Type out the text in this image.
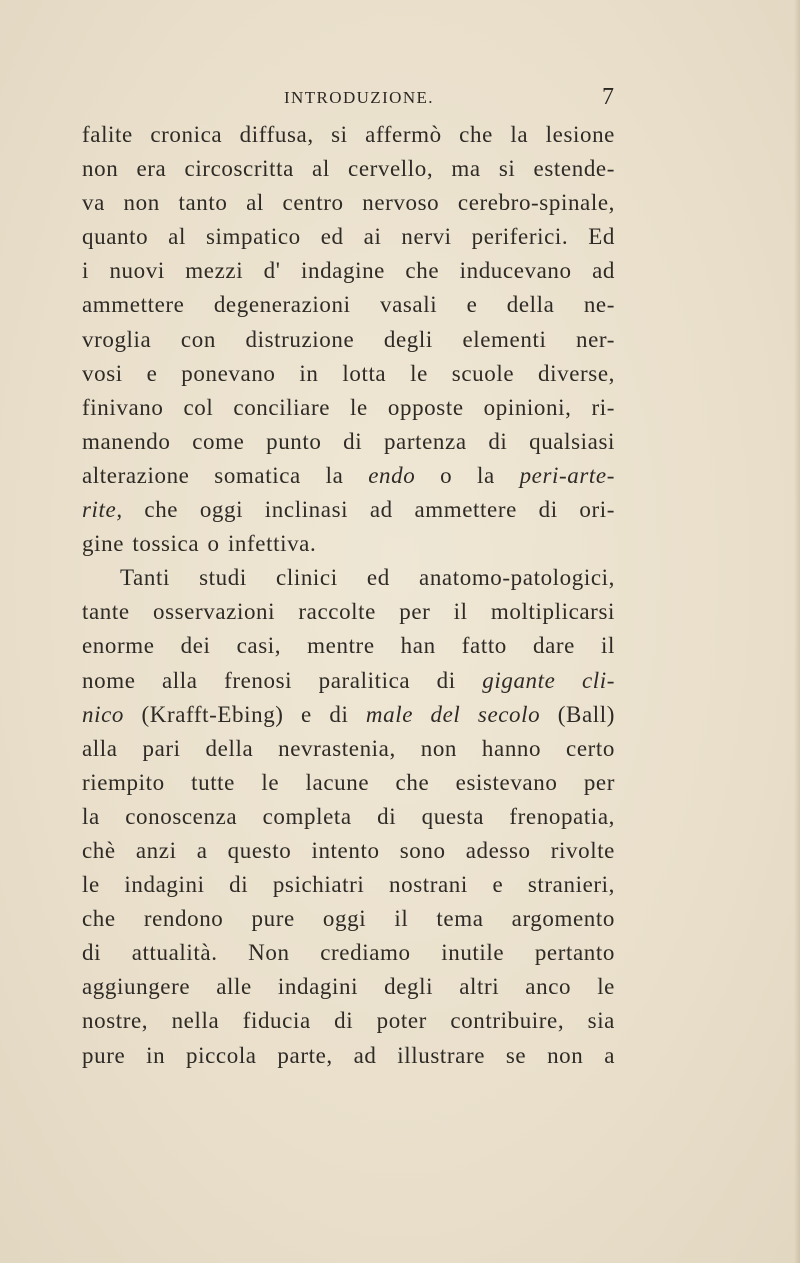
INTRODUZIONE.	7
falite cronica diffusa, si affermò che la lesione
non era circoscritta al cervello, ma si estende-
va non tanto al centro nervoso cerebro-spinale,
quanto al simpatico ed ai nervi periferici. Ed
i nuovi mezzi d' indagine che inducevano ad
ammettere degenerazioni vasali e della ne-
vroglia con distruzione degli elementi ner-
vosi e ponevano in lotta le scuole diverse,
finivano col conciliare le opposte opinioni, ri-
manendo come punto di partenza di qualsiasi
alterazione somatica la endo o la peri-arte-
rite, che oggi inclinasi ad ammettere di ori-
gine tossica o infettiva.
Tanti studi clinici ed anatomo-patologici,
tante osservazioni raccolte per il moltiplicarsi
enorme dei casi, mentre han fatto dare il
nome alla frenosi paralitica di gigante cli-
nico (Krafft-Ebing) e di male del secolo (Ball)
alla pari della nevrastenia, non hanno certo
riempito tutte le lacune che esistevano per
la conoscenza completa di questa frenopatia,
chè anzi a questo intento sono adesso rivolte
le indagini di psichiatri nostrani e stranieri,
che rendono pure oggi il tema argomento
di attualità. Non crediamo inutile pertanto
aggiungere alle indagini degli altri anco le
nostre, nella fiducia di poter contribuire, sia
pure in piccola parte, ad illustrare se non a
